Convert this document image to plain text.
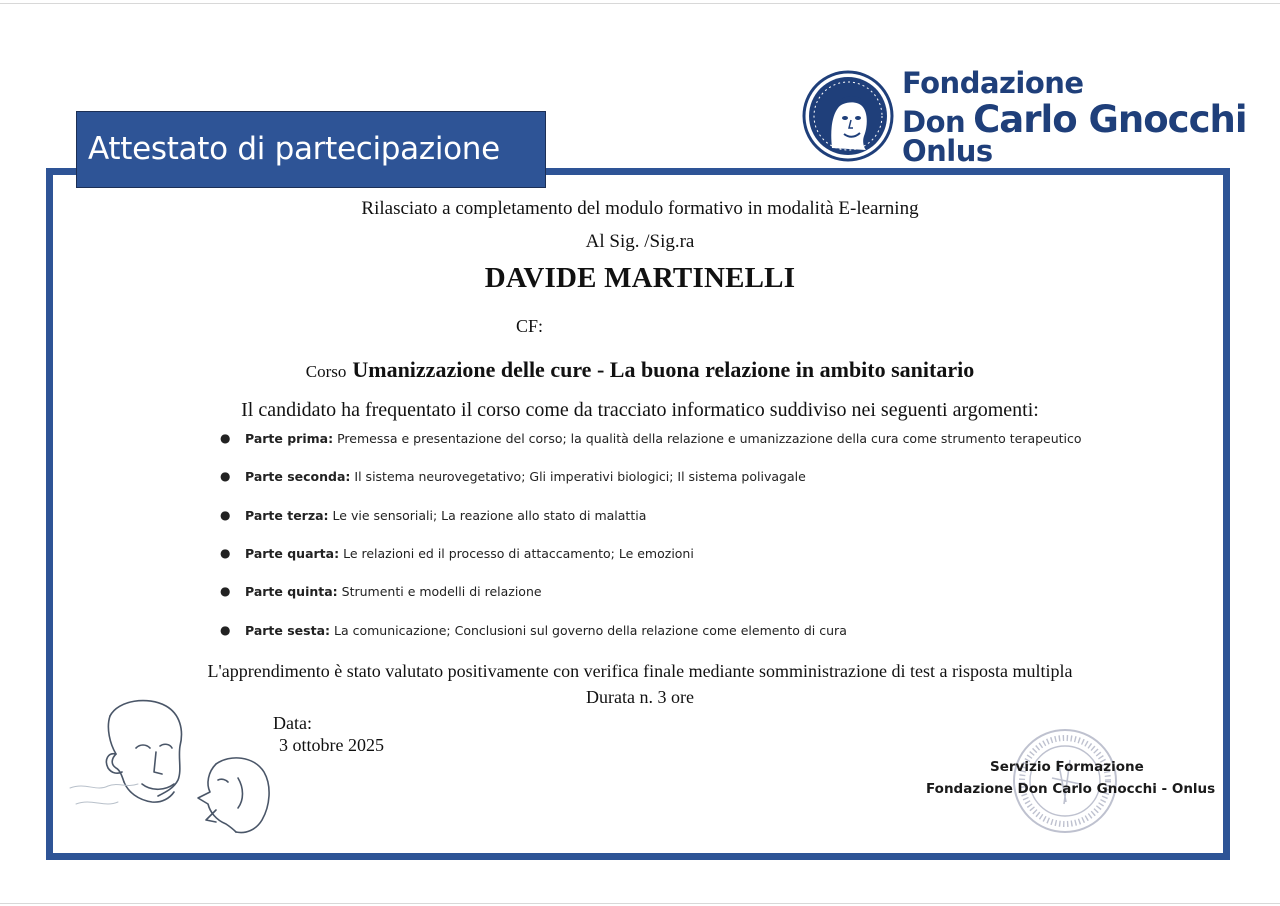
Attestato di partecipazione
Fondazione
Don Carlo Gnocchi
Onlus
Rilasciato a completamento del modulo formativo in modalità E-learning
Al Sig. /Sig.ra
DAVIDE MARTINELLI
CF:
Corso Umanizzazione delle cure - La buona relazione in ambito sanitario
Il candidato ha frequentato il corso come da tracciato informatico suddiviso nei seguenti argomenti:
● Parte prima: Premessa e presentazione del corso; la qualità della relazione e umanizzazione della cura come strumento terapeutico
● Parte seconda: Il sistema neurovegetativo; Gli imperativi biologici; Il sistema polivagale
● Parte terza: Le vie sensoriali; La reazione allo stato di malattia
● Parte quarta: Le relazioni ed il processo di attaccamento; Le emozioni
● Parte quinta: Strumenti e modelli di relazione
● Parte sesta: La comunicazione; Conclusioni sul governo della relazione come elemento di cura
L'apprendimento è stato valutato positivamente con verifica finale mediante somministrazione di test a risposta multipla
Durata n. 3 ore
Data:
3 ottobre 2025
Servizio Formazione
Fondazione Don Carlo Gnocchi - Onlus
